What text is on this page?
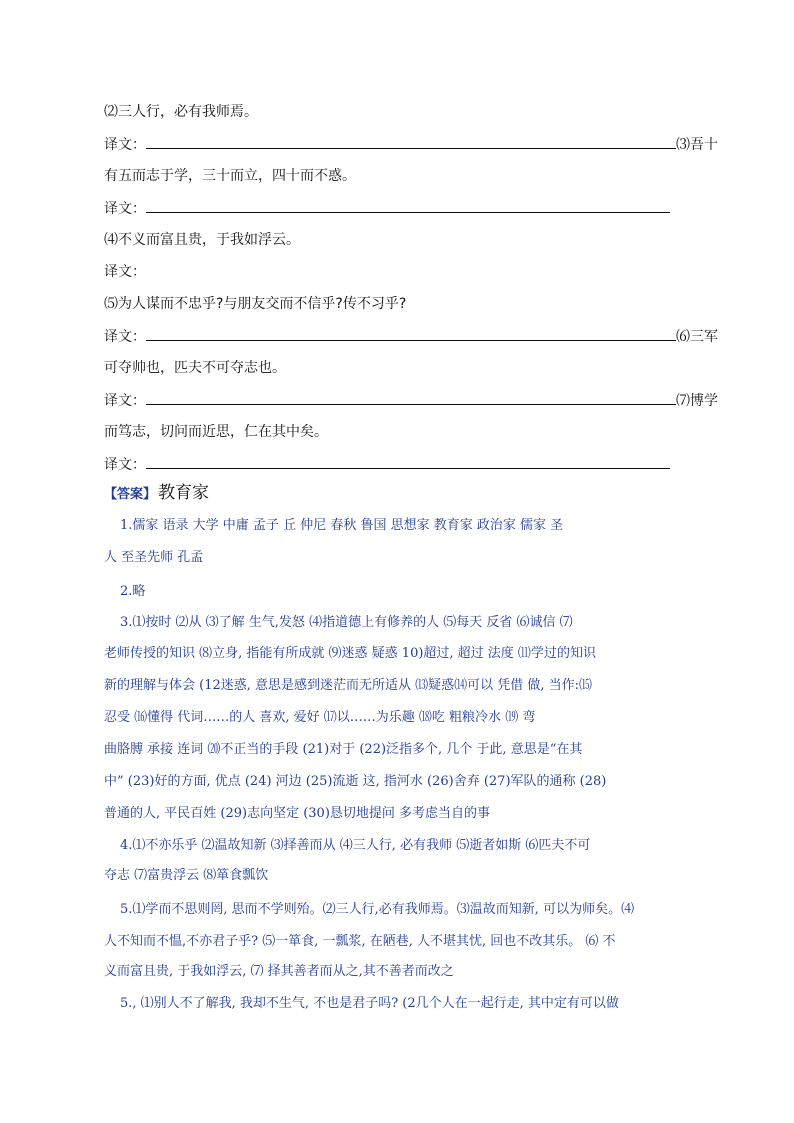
⑵三人行，必有我师焉。
译文：	⑶吾十
有五而志于学，三十而立，四十而不惑。
译文：
⑷不义而富且贵，于我如浮云。
译文：
⑸为人谋而不忠乎?与朋友交而不信乎?传不习乎?
译文：	⑹三军
可夺帅也，匹夫不可夺志也。
译文：	⑺博学
而笃志，切问而近思，仁在其中矣。
译文：
【答案】 教育家
1.儒家 语录 大学 中庸 孟子 丘 仲尼 春秋 鲁国 思想家 教育家 政治家 儒家 圣
人 至圣先师 孔孟
2.略
3.⑴按时 ⑵从 ⑶了解 生气,发怒 ⑷指道德上有修养的人 ⑸每天 反省 ⑹诚信 ⑺
老师传授的知识 ⑻立身, 指能有所成就 ⑼迷惑 疑惑 10)超过, 超过 法度 ⑾学过的知识
新的理解与体会 (12迷惑, 意思是感到迷茫而无所适从 ⒀疑惑⒁可以 凭借 做, 当作:⒂
忍受 ⒃懂得 代词……的人 喜欢, 爱好 ⒄以……为乐趣 ⒅吃 粗粮冷水 ⒆ 弯
曲胳膊 承接 连词 ⒇不正当的手段 (21)对于 (22)泛指多个, 几个 于此, 意思是“在其
中” (23)好的方面, 优点 (24) 河边 (25)流逝 这, 指河水 (26)舍弃 (27)军队的通称 (28)
普通的人, 平民百姓 (29)志向坚定 (30)恳切地提问 多考虑当自的事
4.⑴不亦乐乎 ⑵温故知新 ⑶择善而从 ⑷三人行, 必有我师 ⑸逝者如斯 ⑹匹夫不可
夺志 ⑺富贵浮云 ⑻箪食瓢饮
5.⑴学而不思则罔, 思而不学则殆。⑵三人行,必有我师焉。⑶温故而知新, 可以为师矣。⑷
人不知而不愠,不亦君子乎? ⑸一箪食, 一瓢浆, 在陋巷, 人不堪其忧, 回也不改其乐。 ⑹ 不
义而富且贵, 于我如浮云, ⑺ 择其善者而从之,其不善者而改之
5., ⑴别人不了解我, 我却不生气, 不也是君子吗? (2几个人在一起行走, 其中定有可以做
